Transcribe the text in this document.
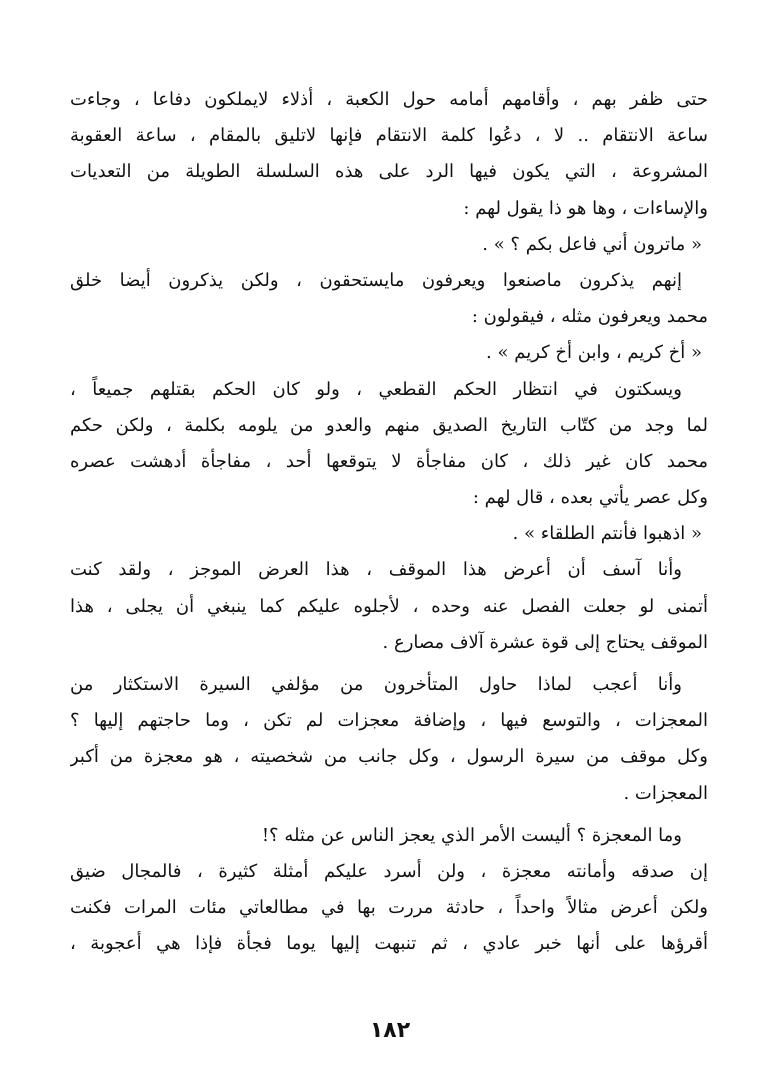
حتى ظفر بهم ، وأقامهم أمامه حول الكعبة ، أذلاء لايملكون دفاعا ، وجاءت
ساعة الانتقام .. لا ، دعُوا كلمة الانتقام فإنها لاتليق بالمقام ، ساعة العقوبة
المشروعة ، التي يكون فيها الرد على هذه السلسلة الطويلة من التعديات
والإساءات ، وها هو ذا يقول لهم :
« ماترون أني فاعل بكم ؟ » .
إنهم يذكرون ماصنعوا ويعرفون مايستحقون ، ولكن يذكرون أيضا خلق
محمد ويعرفون مثله ، فيقولون :
« أخ كريم ، وابن أخ كريم » .
ويسكتون في انتظار الحكم القطعي ، ولو كان الحكم بقتلهم جميعاً ،
لما وجد من كتّاب التاريخ الصديق منهم والعدو من يلومه بكلمة ، ولكن حكم
محمد كان غير ذلك ، كان مفاجأة لا يتوقعها أحد ، مفاجأة أدهشت عصره
وكل عصر يأتي بعده ، قال لهم :
« اذهبوا فأنتم الطلقاء » .
وأنا آسف أن أعرض هذا الموقف ، هذا العرض الموجز ، ولقد كنت
أتمنى لو جعلت الفصل عنه وحده ، لأجلوه عليكم كما ينبغي أن يجلى ، هذا
الموقف يحتاج إلى قوة عشرة آلاف مصارع .
وأنا أعجب لماذا حاول المتأخرون من مؤلفي السيرة الاستكثار من
المعجزات ، والتوسع فيها ، وإضافة معجزات لم تكن ، وما حاجتهم إليها ؟
وكل موقف من سيرة الرسول ، وكل جانب من شخصيته ، هو معجزة من أكبر
المعجزات .
وما المعجزة ؟ أليست الأمر الذي يعجز الناس عن مثله ؟!
إن صدقه وأمانته معجزة ، ولن أسرد عليكم أمثلة كثيرة ، فالمجال ضيق
ولكن أعرض مثالاً واحداً ، حادثة مررت بها في مطالعاتي مئات المرات فكنت
أقرؤها على أنها خبر عادي ، ثم تنبهت إليها يوما فجأة فإذا هي أعجوبة ،
١٨٢
